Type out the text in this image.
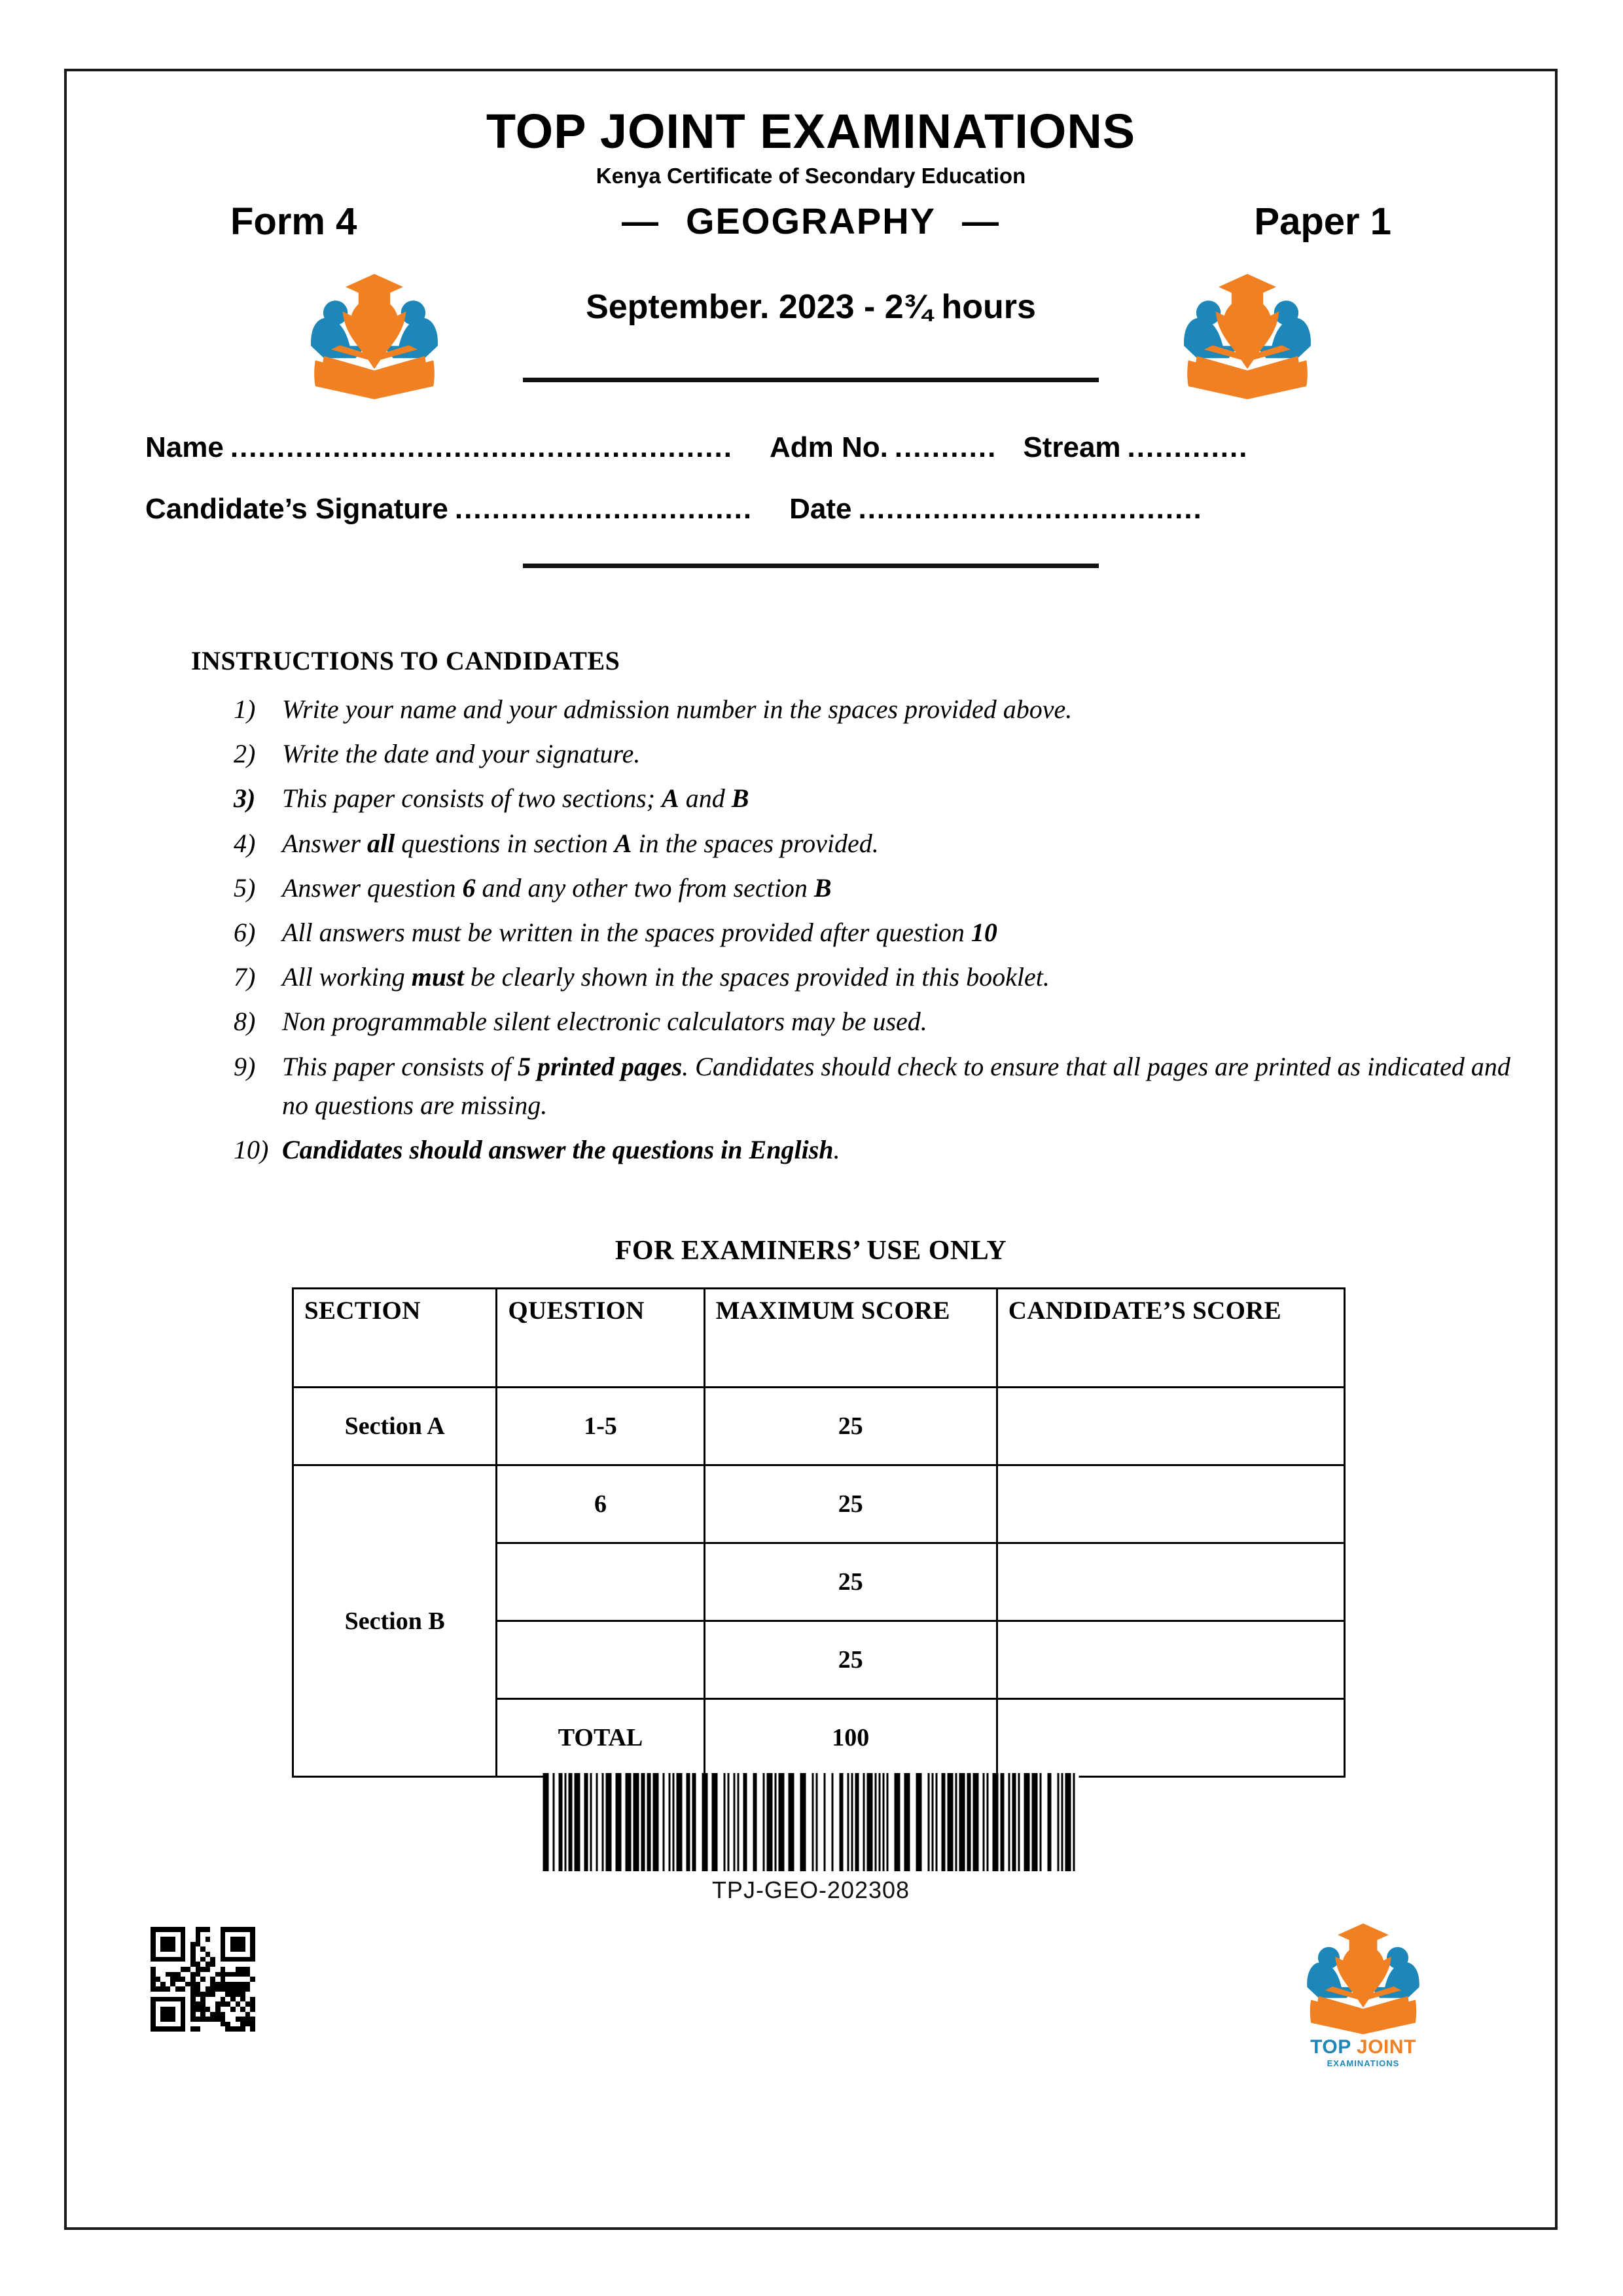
TOP JOINT EXAMINATIONS
Kenya Certificate of Secondary Education
Form 4	— GEOGRAPHY —	Paper 1
September. 2023 - 2¾ hours
Name ...................................................... Adm No. ........... Stream .............
Candidate’s Signature ................................ Date .....................................
INSTRUCTIONS TO CANDIDATES
1)	Write your name and your admission number in the spaces provided above.
2)	Write the date and your signature.
3)	This paper consists of two sections; A and B
4)	Answer all questions in section A in the spaces provided.
5)	Answer question 6 and any other two from section B
6)	All answers must be written in the spaces provided after question 10
7)	All working must be clearly shown in the spaces provided in this booklet.
8)	Non programmable silent electronic calculators may be used.
9)	This paper consists of 5 printed pages. Candidates should check to ensure that all pages are printed as indicated and no questions are missing.
10) Candidates should answer the questions in English.
FOR EXAMINERS’ USE ONLY
SECTION	QUESTION	MAXIMUM SCORE	CANDIDATE’S SCORE
Section A	1-5	25	
Section B	6	25	
		25	
		25	
	TOTAL	100	
TPJ-GEO-202308
TOP JOINT
EXAMINATIONS
